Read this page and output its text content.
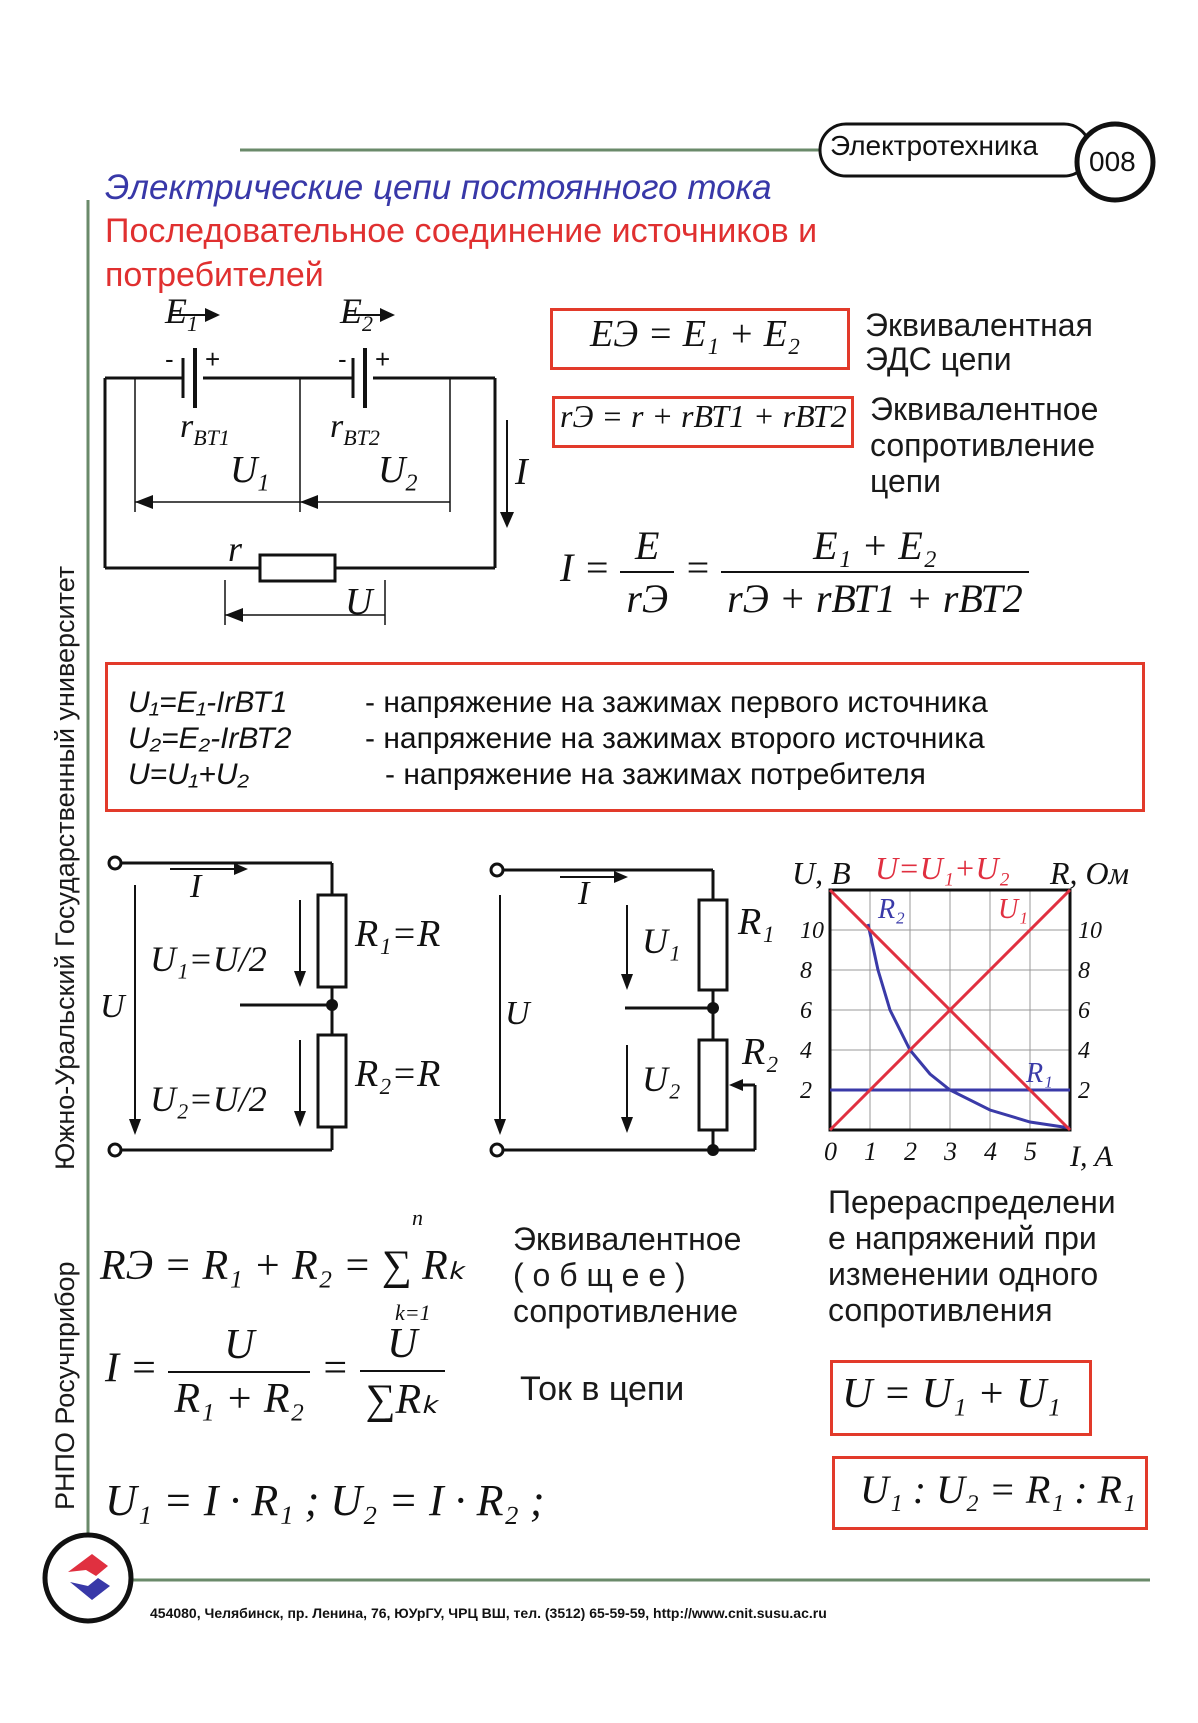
Электротехника
008
Южно-Уральский Государственный университет
РНПО Росучприбор
Электрические цепи постоянного тока
Последовательное соединение источников и
потребителей
$E_1$	$E_2$
- +	- +
$r_{BT1}$	$r_{BT2}$
$U_1$	$U_2$	I
r
U
EЭ = E₁ + E₂ Эквивалентная
ЭДС цепи
rЭ = r + rВТ1 + rВТ2 Эквивалентное
сопротивление
цепи
$I = \frac{E}{rЭ} = \frac{\text{E₁ + E₂}}{\text{rЭ + rВТ1 + rВТ2}}$
U₁=E₁-IrВТ1	- напряжение на зажимах первого источника
U₂=E₂-IrВТ2	- напряжение на зажимах второго источника
U=U₁+U₂	- напряжение на зажимах потребителя
I
U
R₁=R
R₂=R
U₁=U/2
U₂=U/2
I
U
R₁
R₂
U₁
U₂
U, B U=U₁+U₂ R, Ом
I, A
0 1 2 3 4 5
2	2
4	4
6	6
8	8
10	10
R₂
R₁
U₁
RЭ = R₁ + R₂ = ∑ Rₖ
n
k=1
Эквивалентное
( о б щ е е )
сопротивление
$I = \frac{U}{\text{R₁ + R₂}} = \frac{U}{\text{∑Rₖ}}$ Ток в цепи
U₁ = I · R₁ ; U₂ = I · R₂ ;
Перераспределени
е напряжений при
изменении одного
сопротивления
U = U₁ + U₁
U₁ : U₂ = R₁ : R₁
454080, Челябинск, пр. Ленина, 76, ЮУрГУ, ЧРЦ ВШ, тел. (3512) 65-59-59, http://www.cnit.susu.ac.ru
